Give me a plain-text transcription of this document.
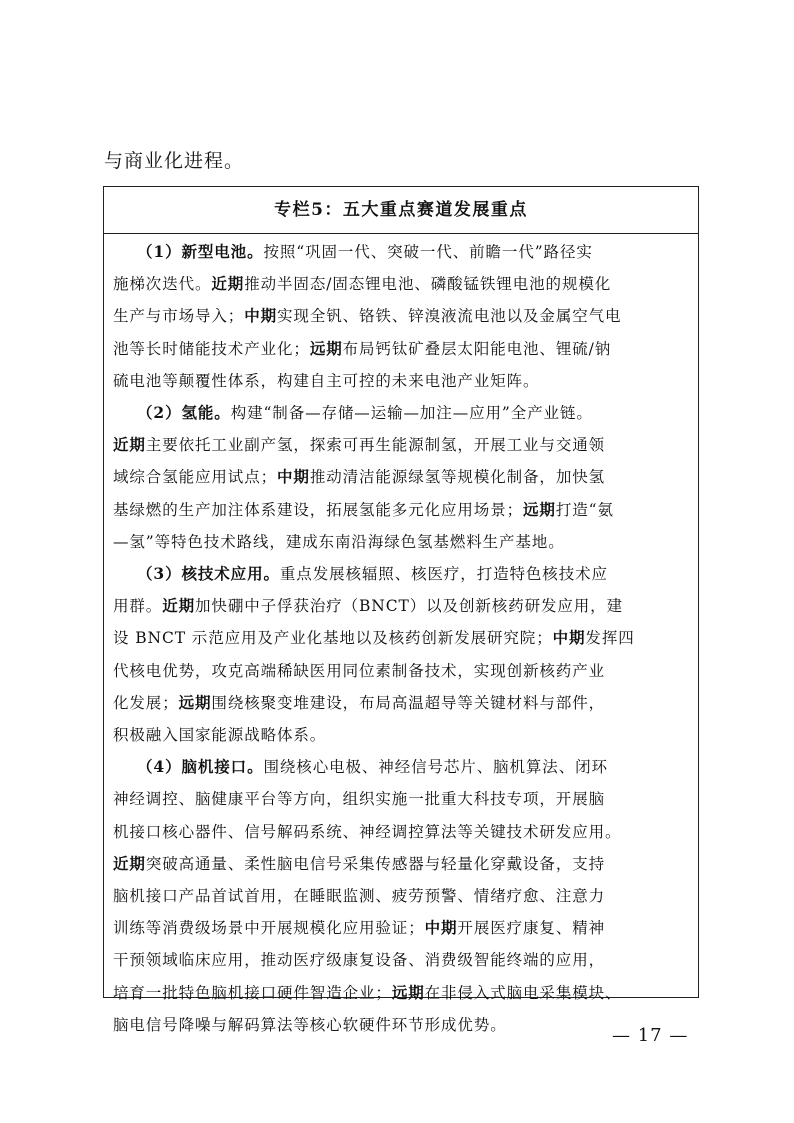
与商业化进程。
专栏5：五大重点赛道发展重点
（1）新型电池。按照“巩固一代、突破一代、前瞻一代”路径实
施梯次迭代。近期推动半固态/固态锂电池、磷酸锰铁锂电池的规模化
生产与市场导入；中期实现全钒、铬铁、锌溴液流电池以及金属空气电
池等长时储能技术产业化；远期布局钙钛矿叠层太阳能电池、锂硫/钠
硫电池等颠覆性体系，构建自主可控的未来电池产业矩阵。
（2）氢能。构建“制备—存储—运输—加注—应用”全产业链。
近期主要依托工业副产氢，探索可再生能源制氢，开展工业与交通领
域综合氢能应用试点；中期推动清洁能源绿氢等规模化制备，加快氢
基绿燃的生产加注体系建设，拓展氢能多元化应用场景；远期打造“氨
—氢”等特色技术路线，建成东南沿海绿色氢基燃料生产基地。
（3）核技术应用。重点发展核辐照、核医疗，打造特色核技术应
用群。近期加快硼中子俘获治疗（BNCT）以及创新核药研发应用，建
设 BNCT 示范应用及产业化基地以及核药创新发展研究院；中期发挥四
代核电优势，攻克高端稀缺医用同位素制备技术，实现创新核药产业
化发展；远期围绕核聚变堆建设，布局高温超导等关键材料与部件，
积极融入国家能源战略体系。
（4）脑机接口。围绕核心电极、神经信号芯片、脑机算法、闭环
神经调控、脑健康平台等方向，组织实施一批重大科技专项，开展脑
机接口核心器件、信号解码系统、神经调控算法等关键技术研发应用。
近期突破高通量、柔性脑电信号采集传感器与轻量化穿戴设备，支持
脑机接口产品首试首用，在睡眠监测、疲劳预警、情绪疗愈、注意力
训练等消费级场景中开展规模化应用验证；中期开展医疗康复、精神
干预领域临床应用，推动医疗级康复设备、消费级智能终端的应用，
培育一批特色脑机接口硬件智造企业；远期在非侵入式脑电采集模块、
脑电信号降噪与解码算法等核心软硬件环节形成优势。
— 17 —
